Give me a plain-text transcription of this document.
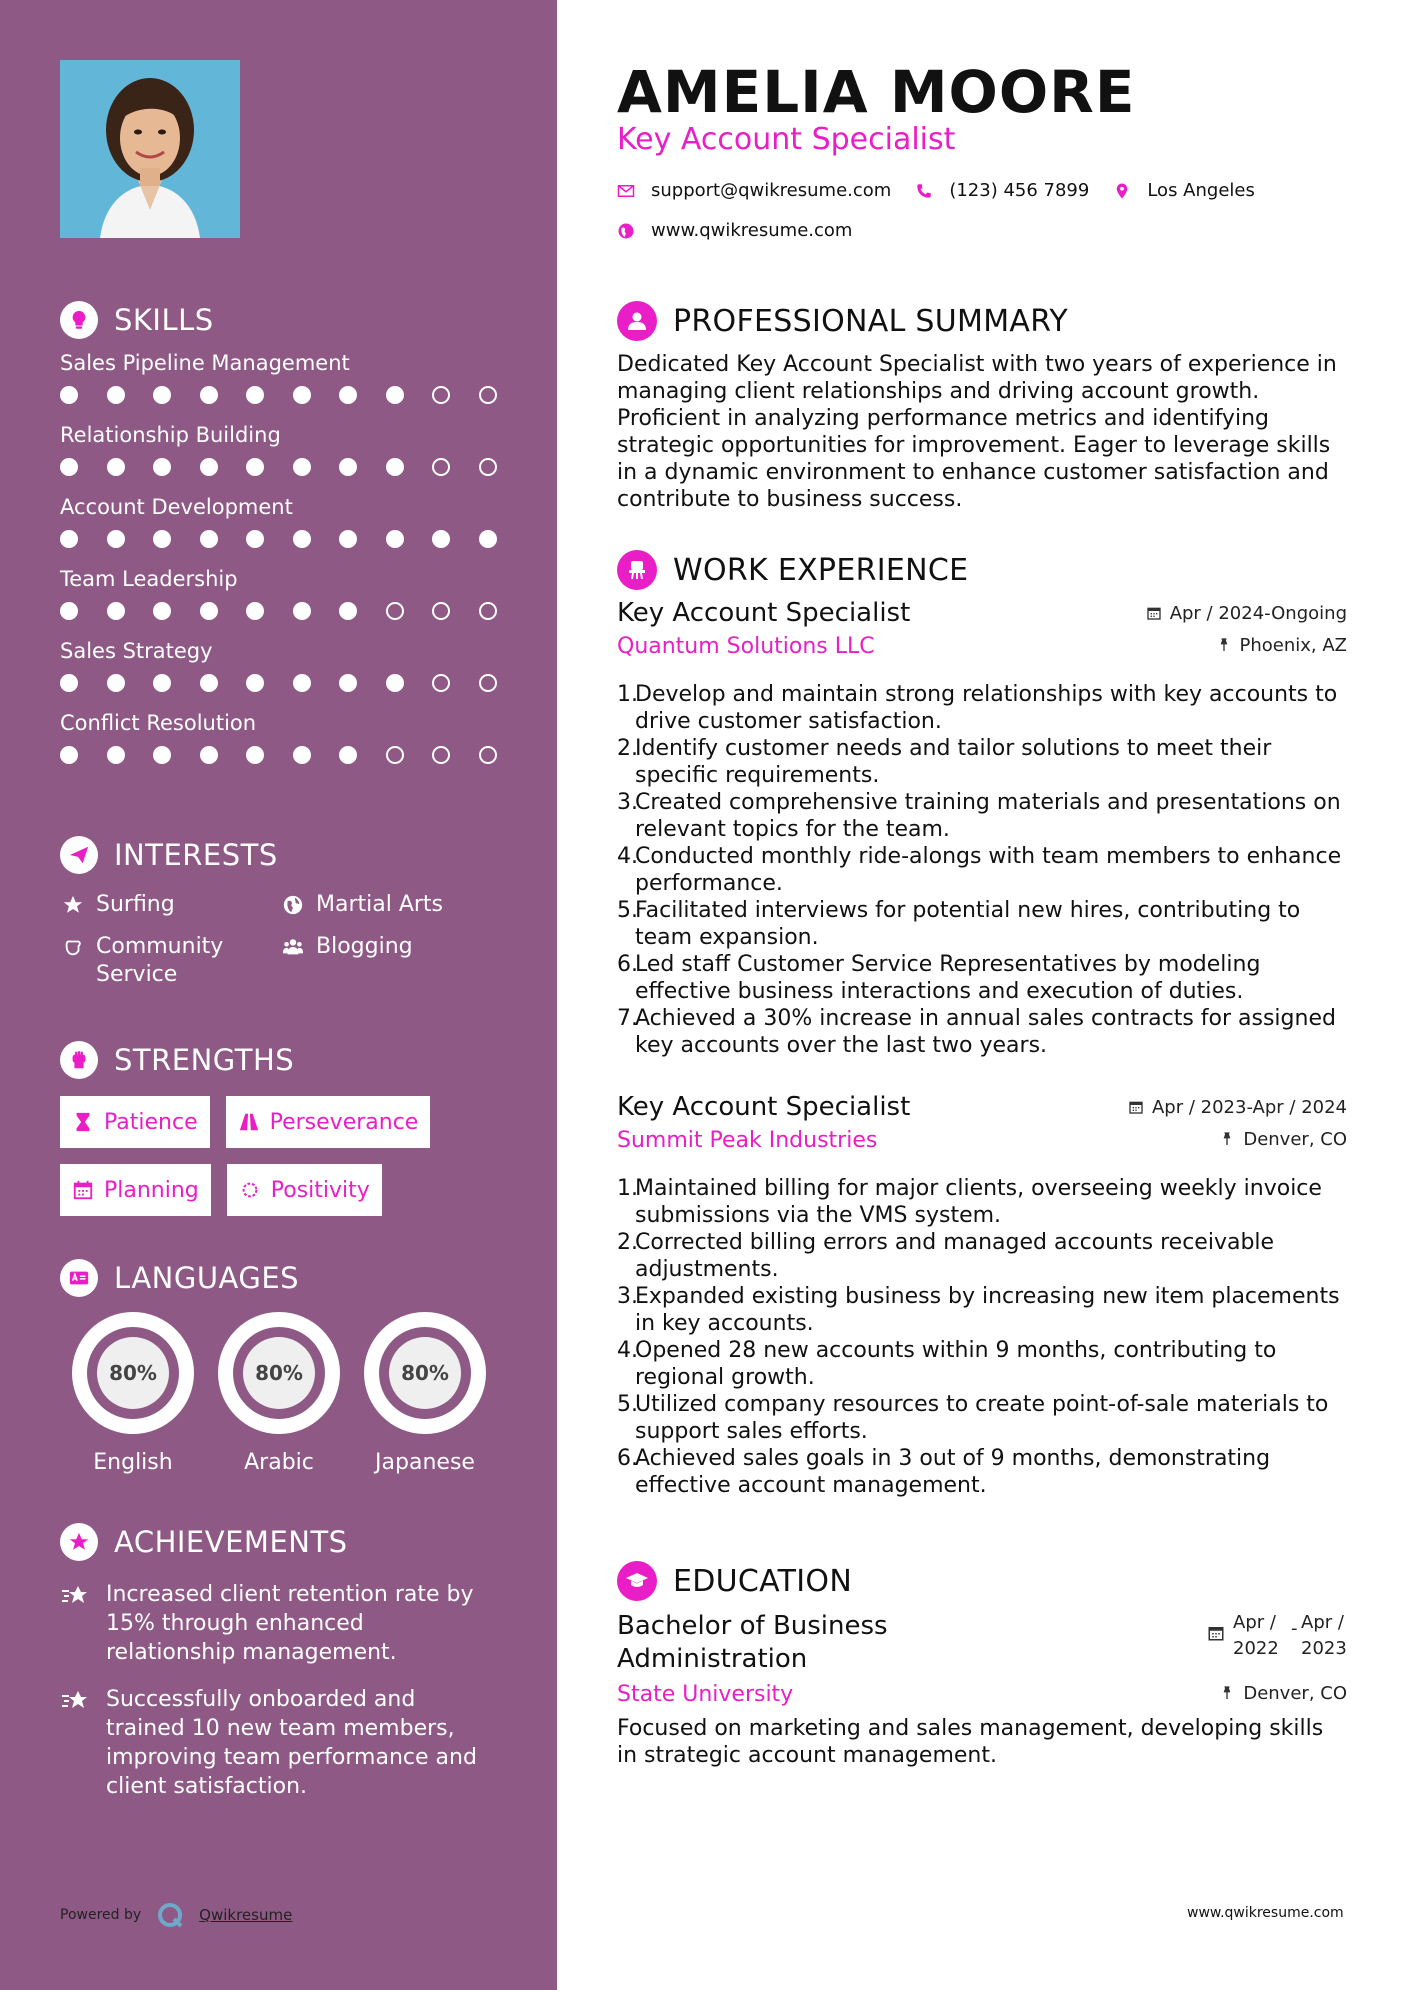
SKILLS
Sales Pipeline Management
Relationship Building
Account Development
Team Leadership
Sales Strategy
Conflict Resolution
INTERESTS
Surfing	Martial Arts
Community Service
Blogging
STRENGTHS
Patience	Perseverance
Planning	Positivity
LANGUAGES
80%
English
80%
Arabic
80%
Japanese
ACHIEVEMENTS
Increased client retention rate by 15% through enhanced relationship management.
Successfully onboarded and trained 10 new team members, improving team performance and client satisfaction.
Powered by	Qwikresume
AMELIA MOORE
Key Account Specialist
support@qwikresume.com	(123) 456 7899	Los Angeles
www.qwikresume.com
PROFESSIONAL SUMMARY
Dedicated Key Account Specialist with two years of experience in managing client relationships and driving account growth. Proficient in analyzing performance metrics and identifying strategic opportunities for improvement. Eager to leverage skills in a dynamic environment to enhance customer satisfaction and contribute to business success.
WORK EXPERIENCE
Key Account Specialist	Apr / 2024-Ongoing
Quantum Solutions LLC	Phoenix, AZ
1.
Develop and maintain strong relationships with key accounts to drive customer satisfaction.
2.
Identify customer needs and tailor solutions to meet their specific requirements.
3.
Created comprehensive training materials and presentations on relevant topics for the team.
4.
Conducted monthly ride-alongs with team members to enhance performance.
5.
Facilitated interviews for potential new hires, contributing to team expansion.
6.
Led staff Customer Service Representatives by modeling effective business interactions and execution of duties.
7.
Achieved a 30% increase in annual sales contracts for assigned key accounts over the last two years.
Key Account Specialist	Apr / 2023-Apr / 2024
Summit Peak Industries	Denver, CO
1.
Maintained billing for major clients, overseeing weekly invoice submissions via the VMS system.
2.
Corrected billing errors and managed accounts receivable adjustments.
3.
Expanded existing business by increasing new item placements in key accounts.
4.
Opened 28 new accounts within 9 months, contributing to regional growth.
5.
Utilized company resources to create point-of-sale materials to support sales efforts.
6.
Achieved sales goals in 3 out of 9 months, demonstrating effective account management.
EDUCATION
Bachelor of Business
Administration
Apr /
2022
- Apr /
2023
State University	Denver, CO
Focused on marketing and sales management, developing skills in strategic account management.
www.qwikresume.com
